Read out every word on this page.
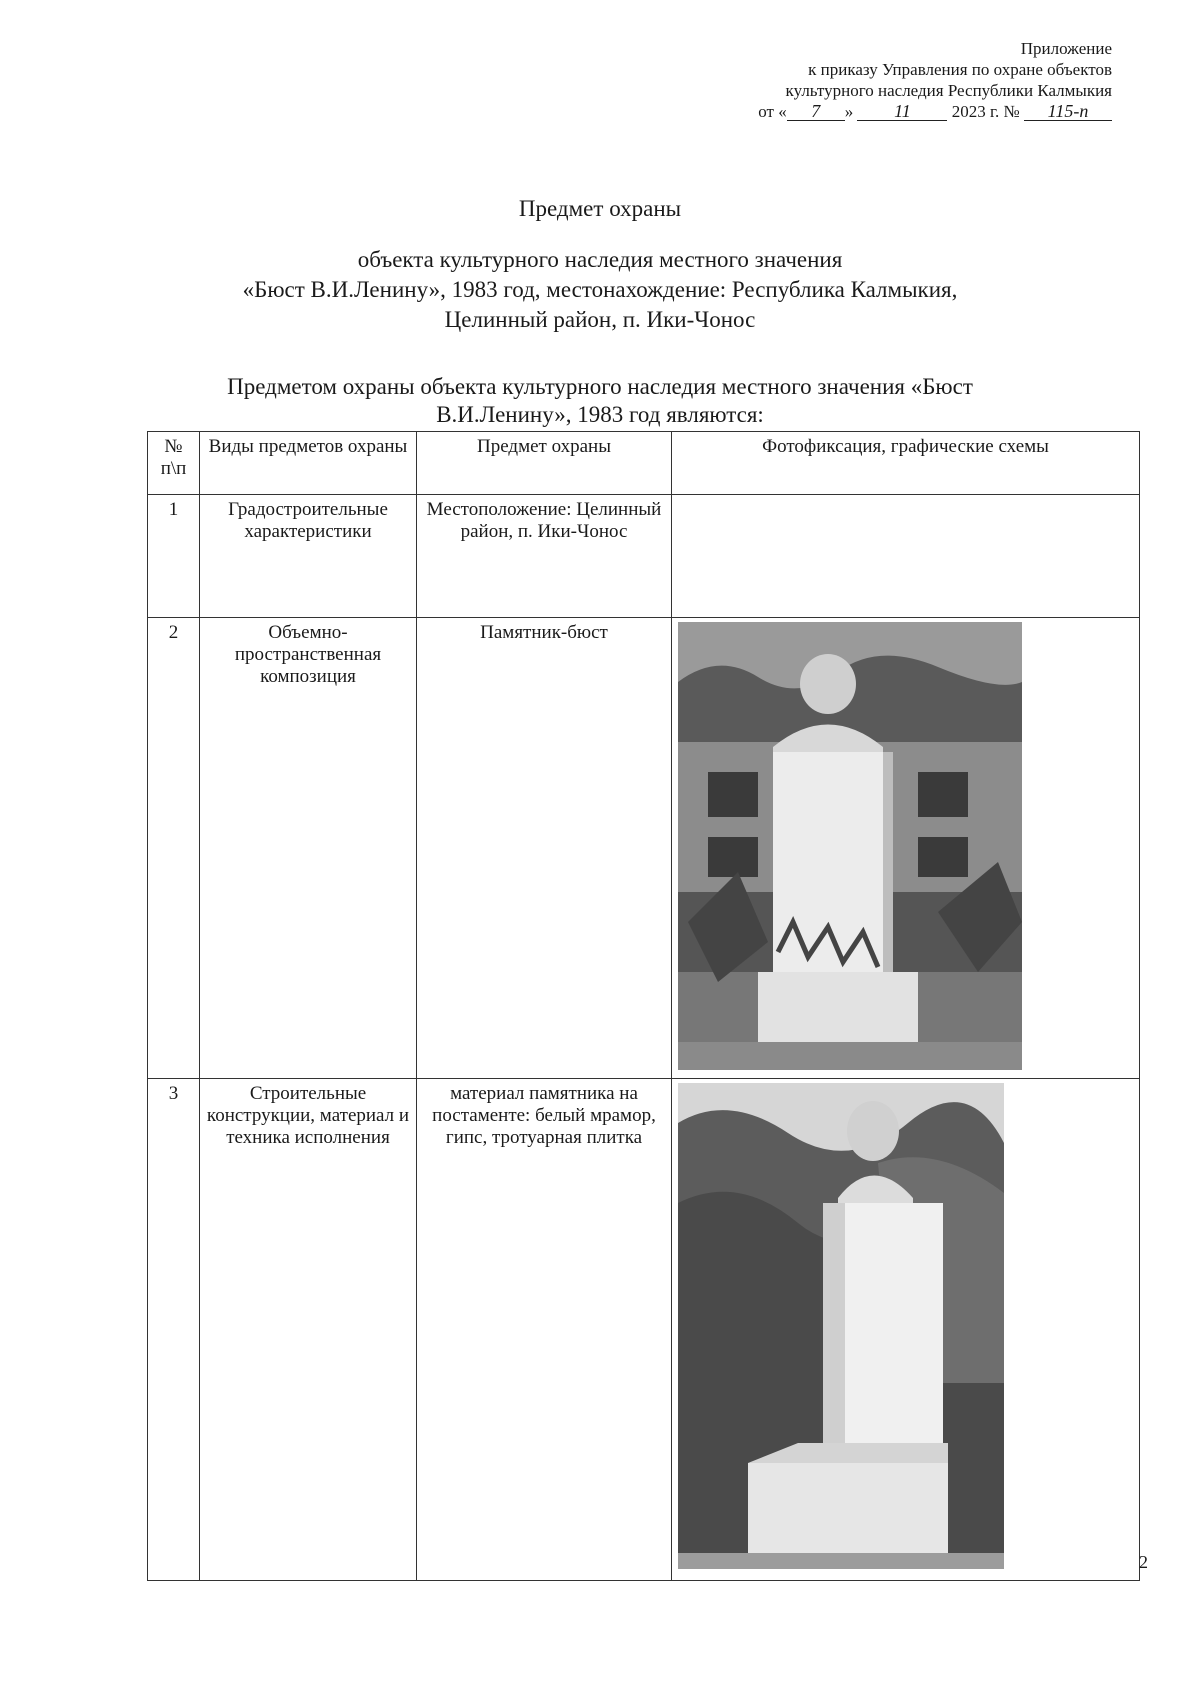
Приложение
к приказу Управления по охране объектов
культурного наследия Республики Калмыкия
от « 7 » 11 2023 г. № 115-п
Предмет охраны
объекта культурного наследия местного значения
«Бюст В.И.Ленину», 1983 год, местонахождение: Республика Калмыкия,
Целинный район, п. Ики-Чонос
Предметом охраны объекта культурного наследия местного значения «Бюст
В.И.Ленину», 1983 год являются:
№ п\п	Виды предметов охраны	Предмет охраны	Фотофиксация, графические схемы
1	Градостроительные характеристики	Местоположение: Целинный район, п. Ики-Чонос	
2	Объемно-пространственная композиция	Памятник-бюст	

3	Строительные конструкции, материал и техника исполнения	материал памятника на постаменте: белый мрамор, гипс, тротуарная плитка	
2
